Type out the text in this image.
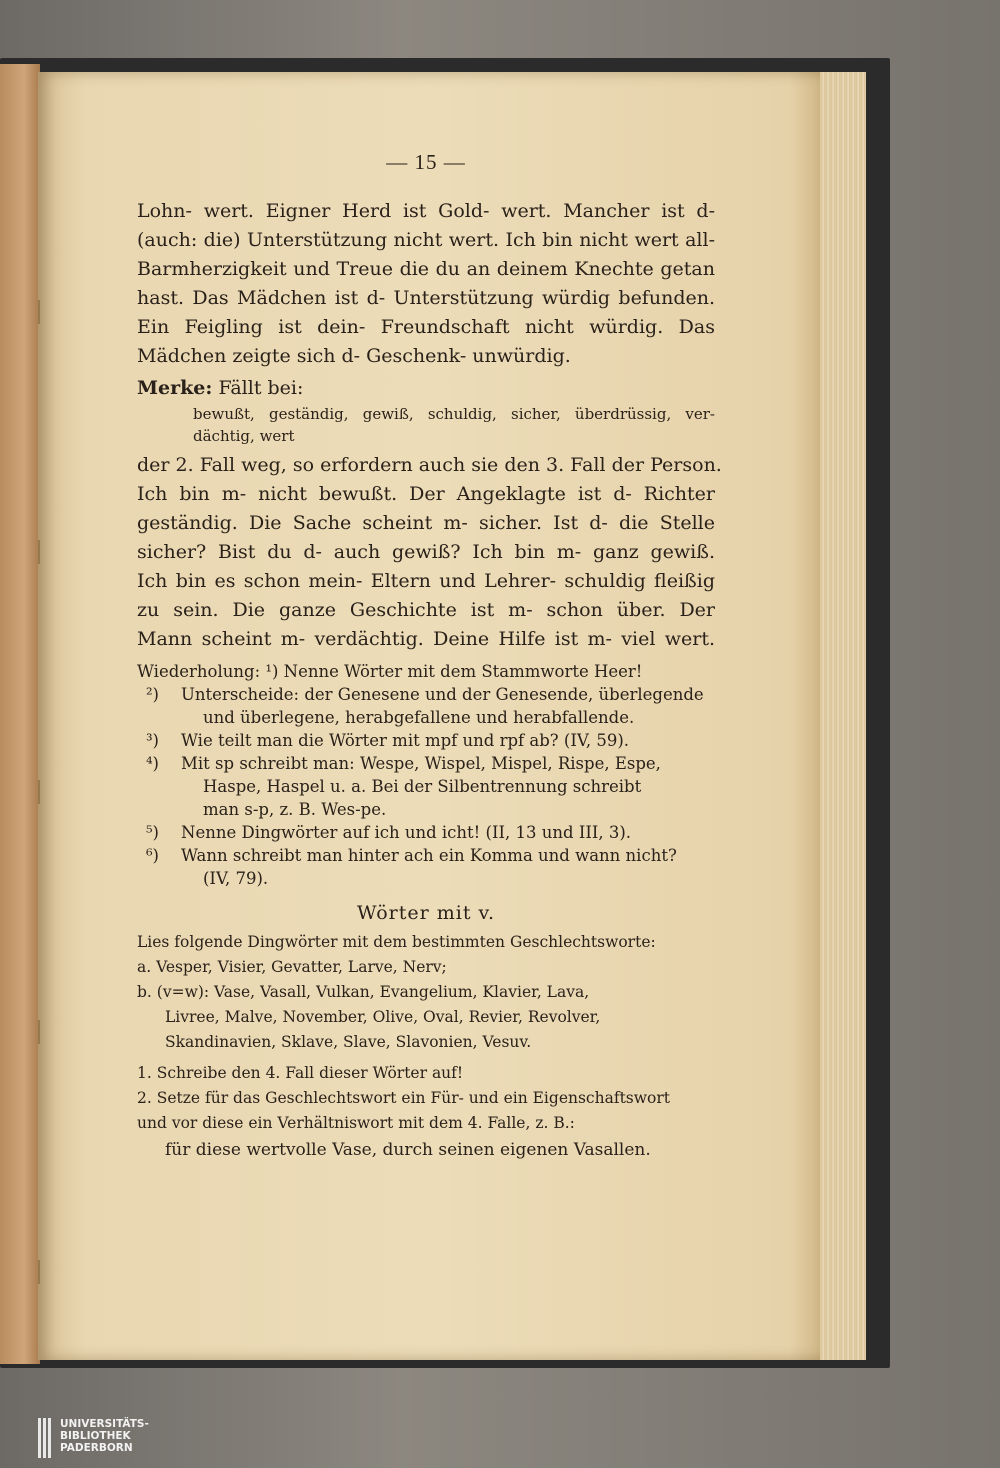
— 15 —

Lohn- wert. Eigner Herd ist Gold- wert. Mancher ist d-

(auch: die) Unterstützung nicht wert. Ich bin nicht wert all-

Barmherzigkeit und Treue die du an deinem Knechte getan

hast. Das Mädchen ist d- Unterstützung würdig befunden.

Ein Feigling ist dein- Freundschaft nicht würdig. Das

Mädchen zeigte sich d- Geschenk- unwürdig.

Merke: Fällt bei:

bewußt, geständig, gewiß, schuldig, sicher, überdrüssig, ver-

dächtig, wert

der 2. Fall weg, so erfordern auch sie den 3. Fall der Person.

Ich bin m- nicht bewußt. Der Angeklagte ist d- Richter

geständig. Die Sache scheint m- sicher. Ist d- die Stelle

sicher? Bist du d- auch gewiß? Ich bin m- ganz gewiß.

Ich bin es schon mein- Eltern und Lehrer- schuldig fleißig

zu sein. Die ganze Geschichte ist m- schon über. Der

Mann scheint m- verdächtig. Deine Hilfe ist m- viel wert.

Wiederholung: ¹) Nenne Wörter mit dem Stammworte Heer!

²) Unterscheide: der Genesene und der Genesende, überlegende

und überlegene, herabgefallene und herabfallende.

³) Wie teilt man die Wörter mit mpf und rpf ab? (IV, 59).

⁴) Mit sp schreibt man: Wespe, Wispel, Mispel, Rispe, Espe,

Haspe, Haspel u. a. Bei der Silbentrennung schreibt

man s-p, z. B. Wes-pe.

⁵) Nenne Dingwörter auf ich und icht! (II, 13 und III, 3).

⁶) Wann schreibt man hinter ach ein Komma und wann nicht?

(IV, 79).

Wörter mit v.

Lies folgende Dingwörter mit dem bestimmten Geschlechtsworte:

a. Vesper, Visier, Gevatter, Larve, Nerv;

b. (v=w): Vase, Vasall, Vulkan, Evangelium, Klavier, Lava,

Livree, Malve, November, Olive, Oval, Revier, Revolver,

Skandinavien, Sklave, Slave, Slavonien, Vesuv.

1. Schreibe den 4. Fall dieser Wörter auf!

2. Setze für das Geschlechtswort ein Für- und ein Eigenschaftswort

und vor diese ein Verhältniswort mit dem 4. Falle, z. B.:

für diese wertvolle Vase, durch seinen eigenen Vasallen.

UNIVERSITÄTS-
BIBLIOTHEK
PADERBORN
